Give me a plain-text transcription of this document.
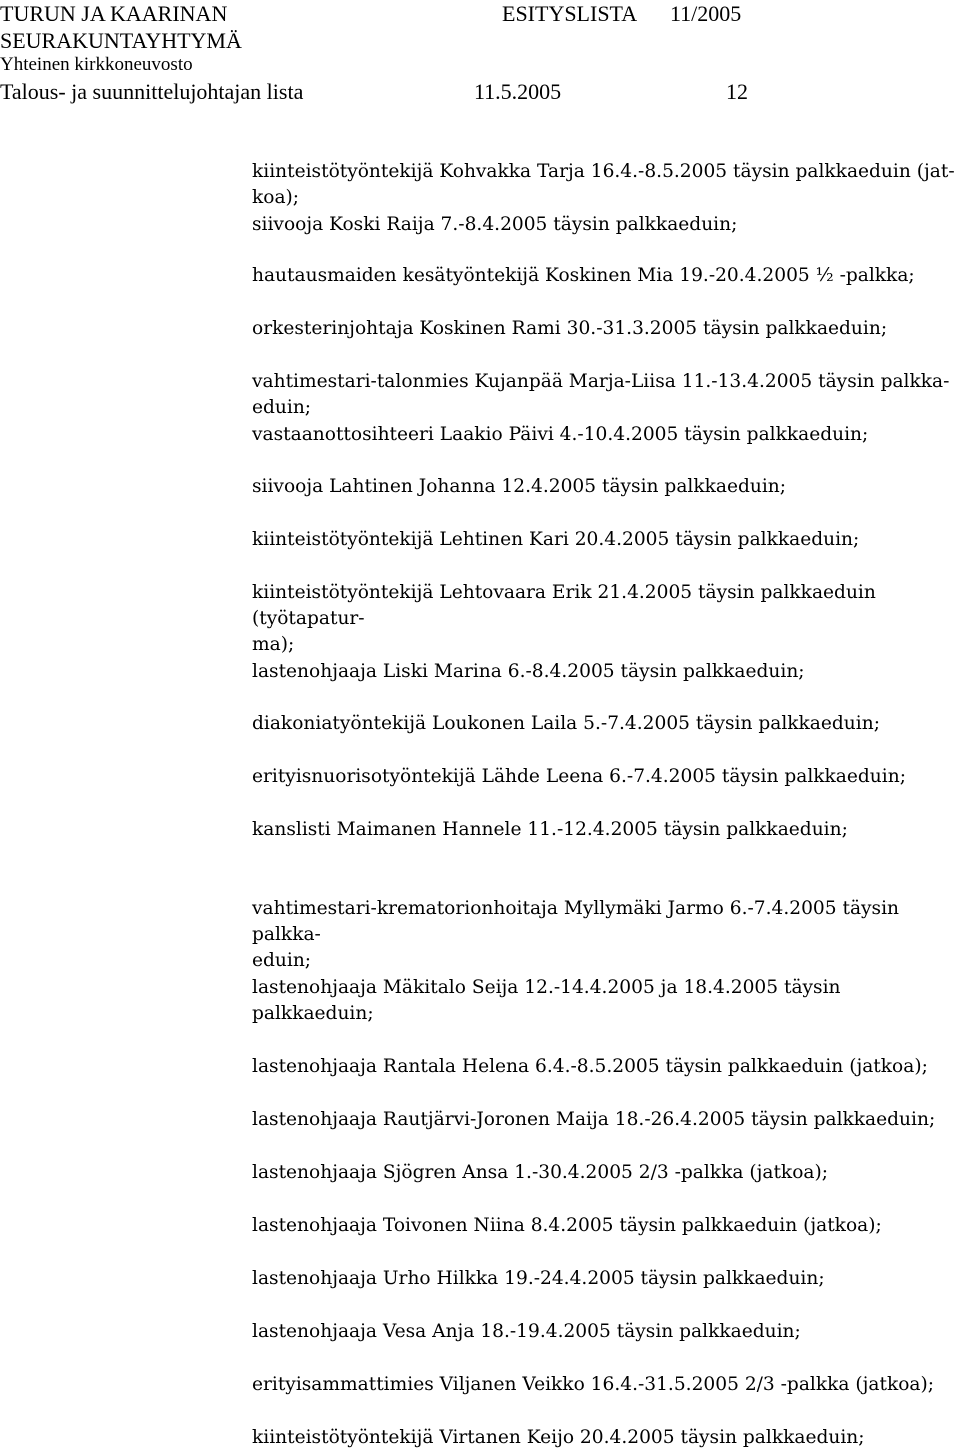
TURUN JA KAARINAN	ESITYSLISTA 11/2005
SEURAKUNTAYHTYMÄ
Yhteinen kirkkoneuvosto
Talous- ja suunnittelujohtajan lista	11.5.2005	12

kiinteistötyöntekijä Kohvakka Tarja 16.4.-8.5.2005 täysin palkkaeduin (jat-
koa);

siivooja Koski Raija 7.-8.4.2005 täysin palkkaeduin;

hautausmaiden kesätyöntekijä Koskinen Mia 19.-20.4.2005 ½ -palkka;

orkesterinjohtaja Koskinen Rami 30.-31.3.2005 täysin palkkaeduin;

vahtimestari-talonmies Kujanpää Marja-Liisa 11.-13.4.2005 täysin palkka-
eduin;

vastaanottosihteeri Laakio Päivi 4.-10.4.2005 täysin palkkaeduin;

siivooja Lahtinen Johanna 12.4.2005 täysin palkkaeduin;

kiinteistötyöntekijä Lehtinen Kari 20.4.2005 täysin palkkaeduin;

kiinteistötyöntekijä Lehtovaara Erik 21.4.2005 täysin palkkaeduin (työtapatur-
ma);

lastenohjaaja Liski Marina 6.-8.4.2005 täysin palkkaeduin;

diakoniatyöntekijä Loukonen Laila 5.-7.4.2005 täysin palkkaeduin;

erityisnuorisotyöntekijä Lähde Leena 6.-7.4.2005 täysin palkkaeduin;

kanslisti Maimanen Hannele 11.-12.4.2005 täysin palkkaeduin;

vahtimestari-krematorionhoitaja Myllymäki Jarmo 6.-7.4.2005 täysin palkka-
eduin;

lastenohjaaja Mäkitalo Seija 12.-14.4.2005 ja 18.4.2005 täysin palkkaeduin;

lastenohjaaja Rantala Helena 6.4.-8.5.2005 täysin palkkaeduin (jatkoa);

lastenohjaaja Rautjärvi-Joronen Maija 18.-26.4.2005 täysin palkkaeduin;

lastenohjaaja Sjögren Ansa 1.-30.4.2005 2/3 -palkka (jatkoa);

lastenohjaaja Toivonen Niina 8.4.2005 täysin palkkaeduin (jatkoa);

lastenohjaaja Urho Hilkka 19.-24.4.2005 täysin palkkaeduin;

lastenohjaaja Vesa Anja 18.-19.4.2005 täysin palkkaeduin;

erityisammattimies Viljanen Veikko 16.4.-31.5.2005 2/3 -palkka (jatkoa);

kiinteistötyöntekijä Virtanen Keijo 20.4.2005 täysin palkkaeduin;
